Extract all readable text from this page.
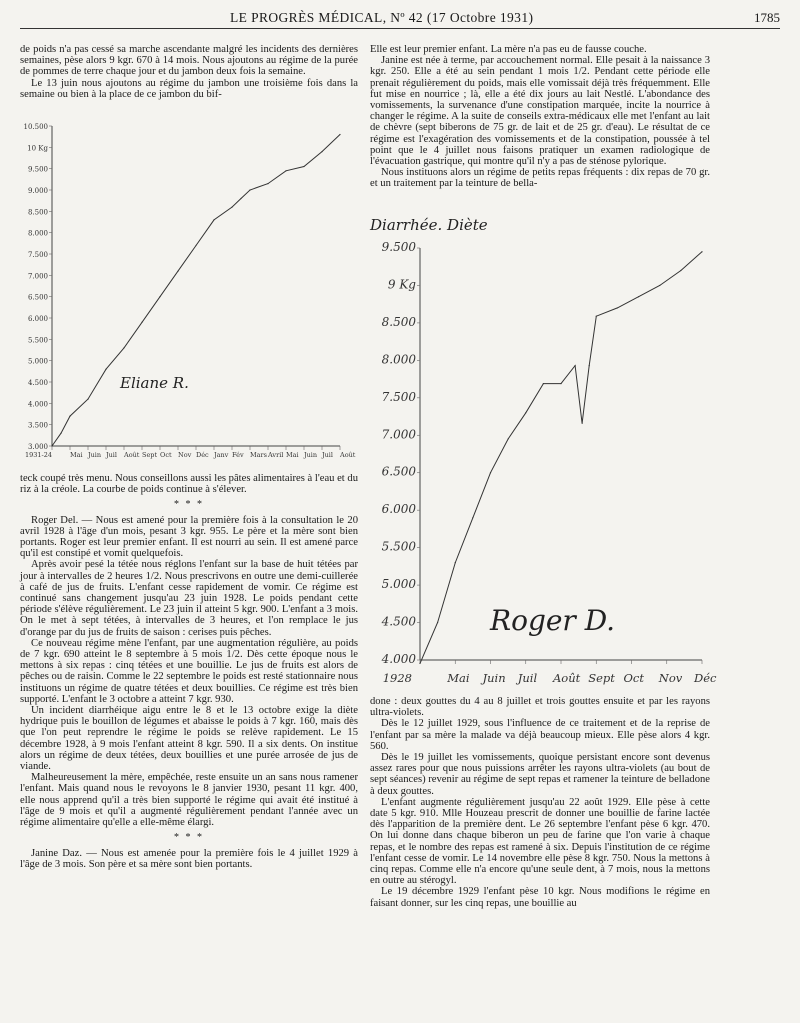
LE PROGRÈS MÉDICAL, Nº 42 (17 Octobre 1931)	1785

de poids n'a pas cessé sa marche ascendante malgré les incidents des dernières semaines, pèse alors 9 kgr. 670 à 14 mois. Nous ajoutons au régime de la purée de pommes de terre chaque jour et du jambon deux fois la semaine.

Le 13 juin nous ajoutons au régime du jambon une troisième fois dans la semaine ou bien à la place de ce jambon du bif-

3.000
3.500
4.000
4.500
5.000
5.500
6.000
6.500
7.000
7.500
8.000
8.500
9.000
9.500
10 Kg
10.500
1931-24	Mai Juin Juil Août Sept Oct Nov Déc Janv Fév Mars Avril Mai Juin Juil Août
Eliane R.

teck coupé très menu. Nous conseillons aussi les pâtes alimentaires à l'eau et du riz à la créole. La courbe de poids continue à s'élever.

* * *

Roger Del. — Nous est amené pour la première fois à la consultation le 20 avril 1928 à l'âge d'un mois, pesant 3 kgr. 955. Le père et la mère sont bien portants. Roger est leur premier enfant. Il est nourri au sein. Il est amené parce qu'il est constipé et vomit quelquefois.

Après avoir pesé la tétée nous réglons l'enfant sur la base de huit tétées par jour à intervalles de 2 heures 1/2. Nous prescrivons en outre une demi-cuillerée à café de jus de fruits. L'enfant cesse rapidement de vomir. Ce régime est continué sans changement jusqu'au 23 juin 1928. Le poids pendant cette période s'élève régulièrement. Le 23 juin il atteint 5 kgr. 900. L'enfant a 3 mois. On le met à sept tétées, à intervalles de 3 heures, et l'on remplace le jus d'orange par du jus de fruits de saison : cerises puis pêches.

Ce nouveau régime mène l'enfant, par une augmentation régulière, au poids de 7 kgr. 690 atteint le 8 septembre à 5 mois 1/2. Dès cette époque nous le mettons à six repas : cinq tétées et une bouillie. Le jus de fruits est alors de pêches ou de raisin. Comme le 22 septembre le poids est resté stationnaire nous instituons un régime de quatre tétées et deux bouillies. Ce régime est très bien supporté. L'enfant le 3 octobre a atteint 7 kgr. 930.

Un incident diarrhéique aigu entre le 8 et le 13 octobre exige la diète hydrique puis le bouillon de légumes et abaisse le poids à 7 kgr. 160, mais dès que l'on peut reprendre le régime le poids se relève rapidement. Le 15 décembre 1928, à 9 mois l'enfant atteint 8 kgr. 590. Il a six dents. On institue alors un régime de deux tétées, deux bouillies et une purée arrosée de jus de viande.

Malheureusement la mère, empêchée, reste ensuite un an sans nous ramener l'enfant. Mais quand nous le revoyons le 8 janvier 1930, pesant 11 kgr. 400, elle nous apprend qu'il a très bien supporté le régime qui avait été institué à l'âge de 9 mois et qu'il a augmenté régulièrement pendant l'année avec un régime alimentaire qu'elle a elle-même élargi.

* * *

Janine Daz. — Nous est amenée pour la première fois le 4 juillet 1929 à l'âge de 3 mois. Son père et sa mère sont bien portants.

Elle est leur premier enfant. La mère n'a pas eu de fausse couche.

Janine est née à terme, par accouchement normal. Elle pesait à la naissance 3 kgr. 250. Elle a été au sein pendant 1 mois 1/2. Pendant cette période elle prenait régulièrement du poids, mais elle vomissait déjà très fréquemment. Elle fut mise en nourrice ; là, elle a été dix jours au lait Nestlé. L'abondance des vomissements, la survenance d'une constipation marquée, incite la nourrice à changer le régime. A la suite de conseils extra-médicaux elle met l'enfant au lait de chèvre (sept biberons de 75 gr. de lait et de 25 gr. d'eau). Le résultat de ce régime est l'exagération des vomissements et de la constipation, poussée à tel point que le 4 juillet nous faisons pratiquer un examen radiologique de l'évacuation gastrique, qui montre qu'il n'y a pas de sténose pylorique.

Nous instituons alors un régime de petits repas fréquents : dix repas de 70 gr. et un traitement par la teinture de bella-

4.000
4.500
5.000
5.500
6.000
6.500
7.000
7.500
8.000
8.500
9 Kg
9.500
1928	Mai Juin Juil Août Sept Oct Nov Déc
Roger D.
Diarrhée. Diète

done : deux gouttes du 4 au 8 juillet et trois gouttes ensuite et par les rayons ultra-violets.

Dès le 12 juillet 1929, sous l'influence de ce traitement et de la reprise de l'enfant par sa mère la malade va déjà beaucoup mieux. Elle pèse alors 4 kgr. 560.

Dès le 19 juillet les vomissements, quoique persistant encore sont devenus assez rares pour que nous puissions arrêter les rayons ultra-violets (au bout de sept séances) revenir au régime de sept repas et ramener la teinture de belladone à deux gouttes.

L'enfant augmente régulièrement jusqu'au 22 août 1929. Elle pèse à cette date 5 kgr. 910. Mlle Houzeau prescrit de donner une bouillie de farine lactée dès l'apparition de la première dent. Le 26 septembre l'enfant pèse 6 kgr. 470. On lui donne dans chaque biberon un peu de farine que l'on varie à chaque repas, et le nombre des repas est ramené à six. Depuis l'institution de ce régime l'enfant cesse de vomir. Le 14 novembre elle pèse 8 kgr. 750. Nous la mettons à cinq repas. Comme elle n'a encore qu'une seule dent, à 7 mois, nous la mettons en outre au stérogyl.

Le 19 décembre 1929 l'enfant pèse 10 kgr. Nous modifions le régime en faisant donner, sur les cinq repas, une bouillie au
